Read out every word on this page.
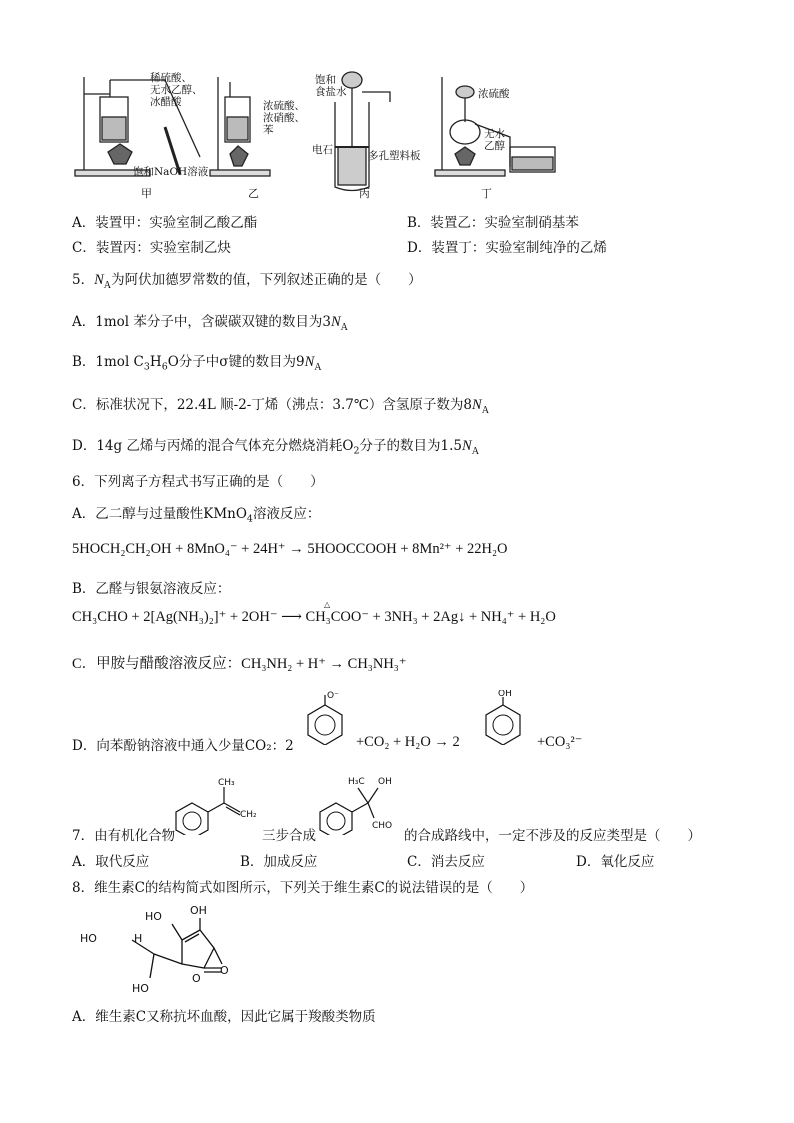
稀硫酸、
无水乙醇、
冰醋酸
饱和NaOH溶液
甲
浓硫酸、
浓硝酸、
苯
乙
饱和
食盐水
电石	多孔塑料板
丙
浓硫酸
无水
乙醇
丁
A．装置甲：实验室制乙酸乙酯	B．装置乙：实验室制硝基苯
C．装置丙：实验室制乙炔	D．装置丁：实验室制纯净的乙烯
5．$N_A$为阿伏加德罗常数的值，下列叙述正确的是（　　）
A．1mol 苯分子中，含碳碳双键的数目为$3N_A$
B．1mol $C_3H_6O$分子中σ键的数目为$9N_A$
C．标准状况下，22.4L 顺-2-丁烯（沸点：3.7℃）含氢原子数为$8N_A$
D．14g 乙烯与丙烯的混合气体充分燃烧消耗$O_2$分子的数目为$1.5N_A$
6．下列离子方程式书写正确的是（　　）
A．乙二醇与过量酸性KMnO$_4$溶液反应：
5HOCH₂CH₂OH + 8MnO₄⁻ + 24H⁺ → 5HOOCCOOH + 8Mn²⁺ + 22H₂O
B．乙醛与银氨溶液反应：
△
CH₃CHO + 2[Ag(NH₃)₂]⁺ + 2OH⁻ ⟶ CH₃COO⁻ + 3NH₃ + 2Ag↓ + NH₄⁺ + H₂O
C．甲胺与醋酸溶液反应：CH₃NH₂ + H⁺ → CH₃NH₃⁺
D．向苯酚钠溶液中通入少量CO₂：2
O⁻
+CO₂ + H₂O → 2
OH
+CO₃²⁻
CH₃
CH₂
H₃C OH
CHO
7．由有机化合物	三步合成	的合成路线中，一定不涉及的反应类型是（　　）
A．取代反应	B．加成反应	C．消去反应	D．氧化反应
8．维生素C的结构简式如图所示，下列关于维生素C的说法错误的是（　　）
HO	OH
H
HO
HO
O
O
A．维生素C又称抗坏血酸，因此它属于羧酸类物质
